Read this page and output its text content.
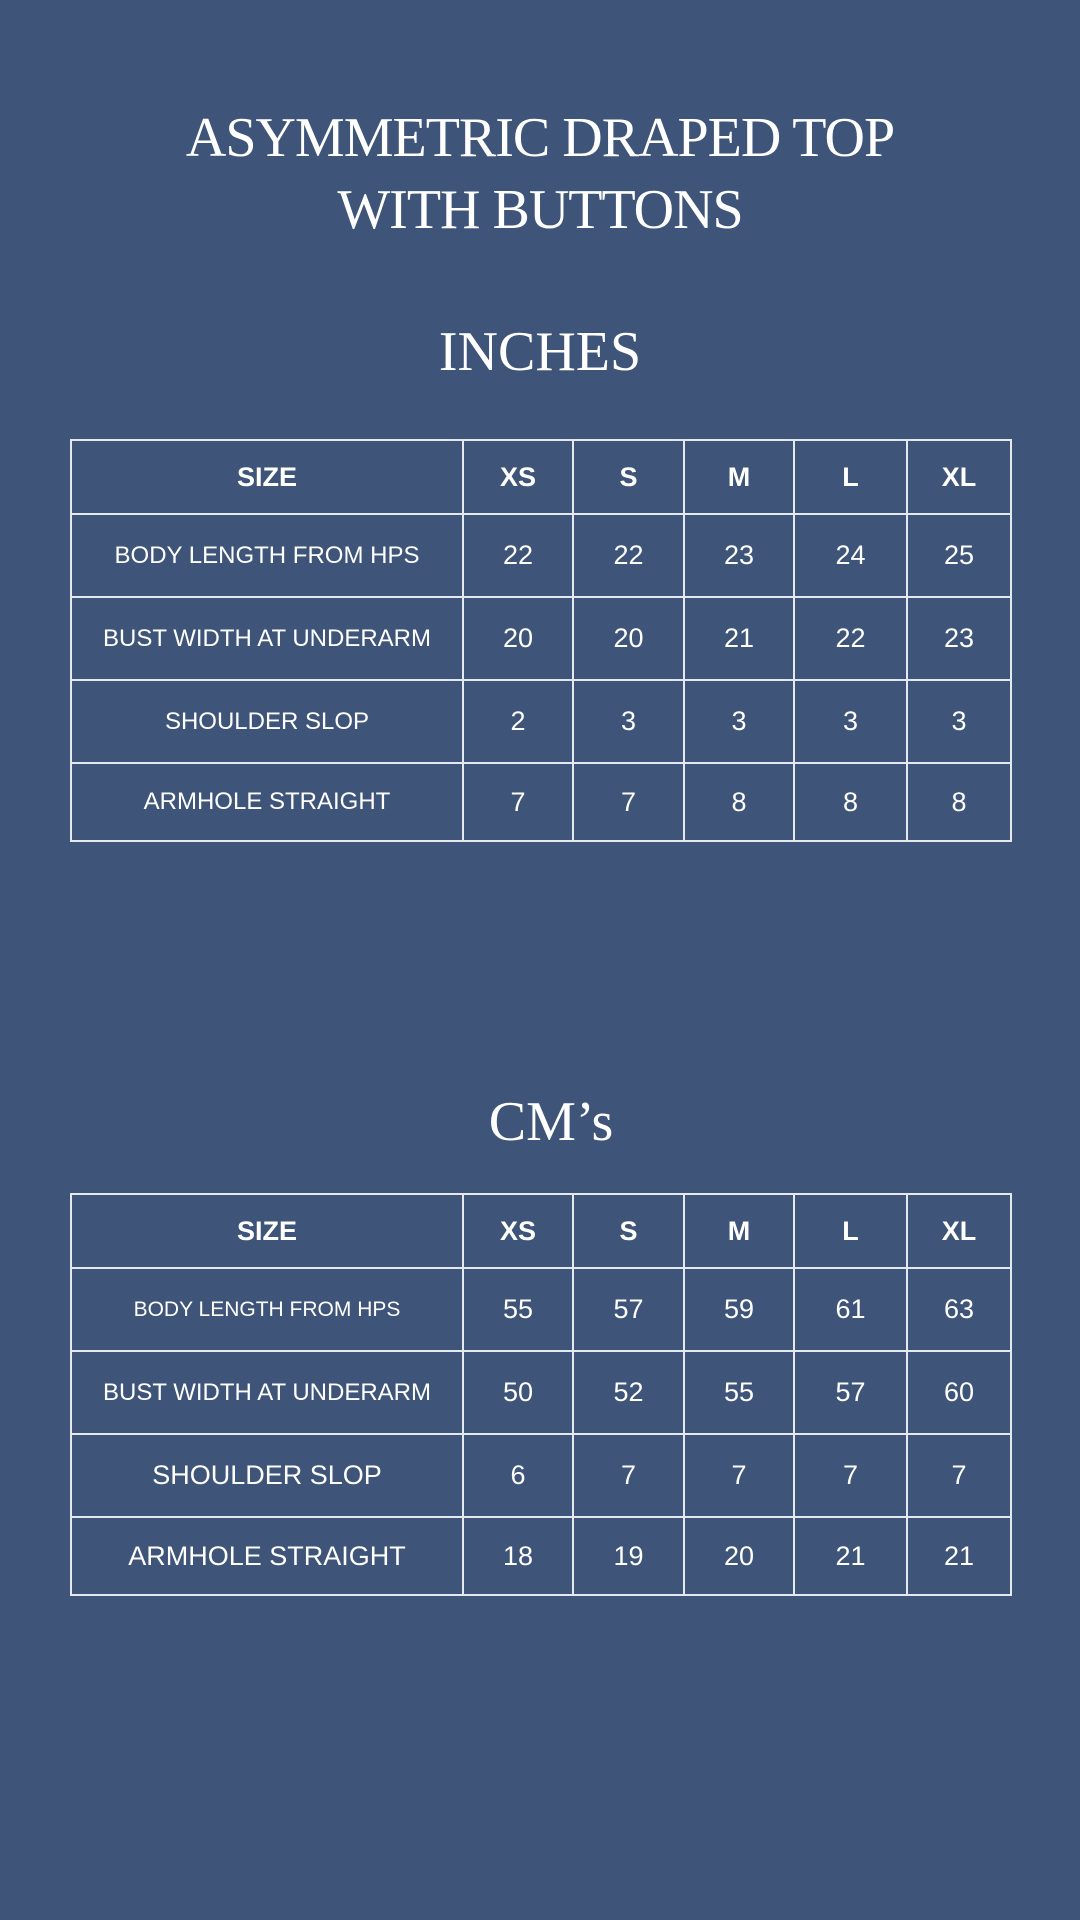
ASYMMETRIC DRAPED TOP
WITH BUTTONS
INCHES
SIZE	XS	S	M	L	XL
BODY LENGTH FROM HPS	22	22	23	24	25
BUST WIDTH AT UNDERARM	20	20	21	22	23
SHOULDER SLOP	2	3	3	3	3
ARMHOLE STRAIGHT	7	7	8	8	8
CM’s
SIZE	XS	S	M	L	XL
BODY LENGTH FROM HPS	55	57	59	61	63
BUST WIDTH AT UNDERARM	50	52	55	57	60
SHOULDER SLOP	6	7	7	7	7
ARMHOLE STRAIGHT	18	19	20	21	21
